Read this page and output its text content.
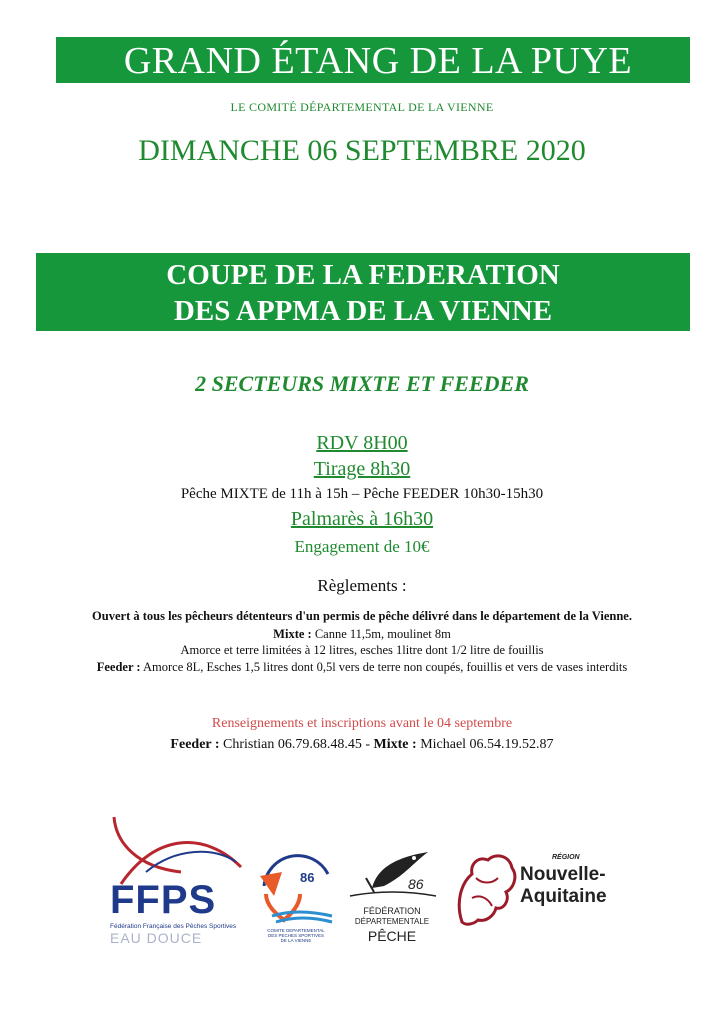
GRAND ÉTANG DE LA PUYE
LE COMITÉ DÉPARTEMENTAL DE LA VIENNE
DIMANCHE 06 SEPTEMBRE 2020
COUPE DE LA FEDERATION
DES APPMA DE LA VIENNE
2 SECTEURS MIXTE ET FEEDER
RDV 8H00
Tirage 8h30
Pêche MIXTE de 11h à 15h – Pêche FEEDER 10h30-15h30
Palmarès à 16h30
Engagement de 10€
Règlements :
Ouvert à tous les pêcheurs détenteurs d'un permis de pêche délivré dans le département de la Vienne.
Mixte : Canne 11,5m, moulinet 8m
Amorce et terre limitées à 12 litres, esches 1litre dont 1/2 litre de fouillis
Feeder : Amorce 8L, Esches 1,5 litres dont 0,5l vers de terre non coupés, fouillis et vers de vases interdits
Renseignements et inscriptions avant le 04 septembre
Feeder : Christian 06.79.68.48.45 - Mixte : Michael 06.54.19.52.87
FFPS
Fédération Française des Pêches Sportives
EAU DOUCE
86
COMITE DEPARTEMENTAL
DES PECHES SPORTIVES
DE LA VIENNE
86
FÉDÉRATION
DÉPARTEMENTALE
PÊCHE
RÉGION
Nouvelle-
Aquitaine
